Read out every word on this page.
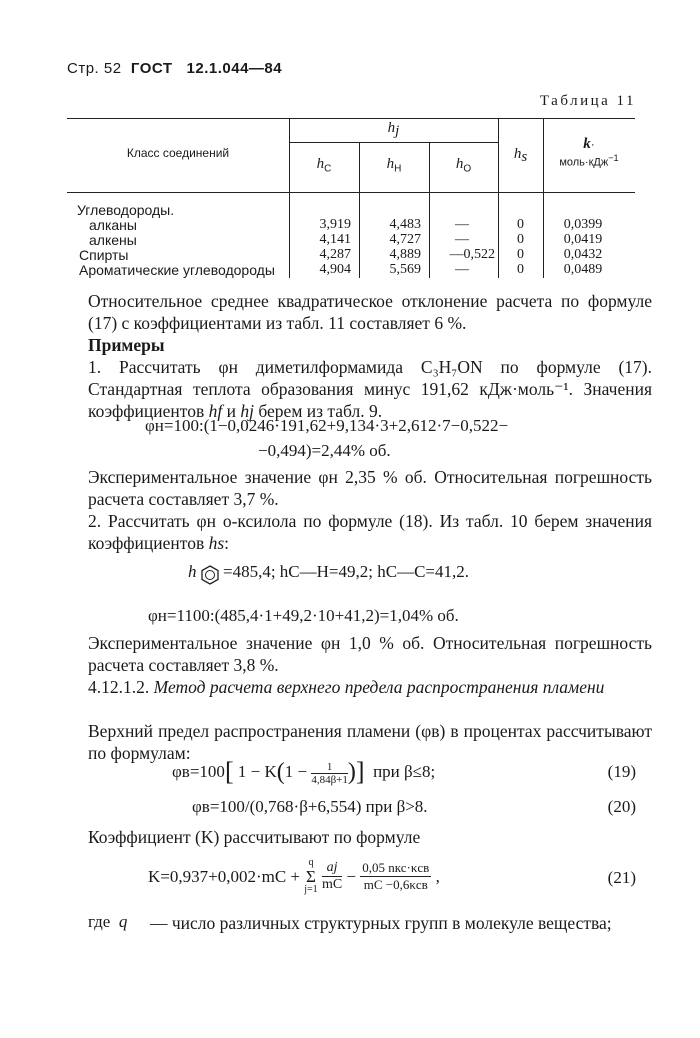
Стр. 52 ГОСТ 12.1.044—84
Таблица 11
Класс соединений
$h_j$
$h_C$	$h_H$	$h_O$
$h_s$
k·
моль·кДж$^{-1}$
Углеводороды.
алканы	3,919	4,483	—	0	0,0399
алкены	4,141	4,727	—	0	0,0419
Спирты	4,287	4,889	—0,522	0	0,0432
Ароматические углеводороды	4,904	5,569	—	0	0,0489
Относительное среднее квадратическое отклонение расчета по формуле (17) с коэффициентами из табл. 11 составляет 6 %.
Примеры
1. Рассчитать φн диметилформамида C₃H₇ON по формуле (17). Стандартная теплота образования минус 191,62 кДж·моль⁻¹. Значения коэффициентов hf и hj берем из табл. 9.
φн=100:(1−0,0246·191,62+9,134·3+2,612·7−0,522−
−0,494)=2,44% об.
Экспериментальное значение φн 2,35 % об. Относительная погрешность расчета составляет 3,7 %.
2. Рассчитать φн о-ксилола по формуле (18). Из табл. 10 берем значения коэффициентов hs:
h =485,4; hC—H=49,2; hC—C=41,2.
φн=1100:(485,4·1+49,2·10+41,2)=1,04% об.
Экспериментальное значение φн 1,0 % об. Относительная погрешность расчета составляет 3,8 %.
4.12.1.2. Метод расчета верхнего предела распространения пламени
Верхний предел распространения пламени (φв) в процентах рассчитывают по формулам:
φв=100[ $1 - K(1 - \frac{1}{4,84\beta+1}$ )] при β≤8;	(19)
φв=100/(0,768·β+6,554) при β>8.	(20)
Коэффициент (K) рассчитывают по формуле
K=0,937+0,002·mC +
q
Σ
j=1
$\frac{aj}{mC} - 0,05$ nкс·κсв
mC −0,6κсв ,	(21)
где q — число различных структурных групп в молекуле вещества;
